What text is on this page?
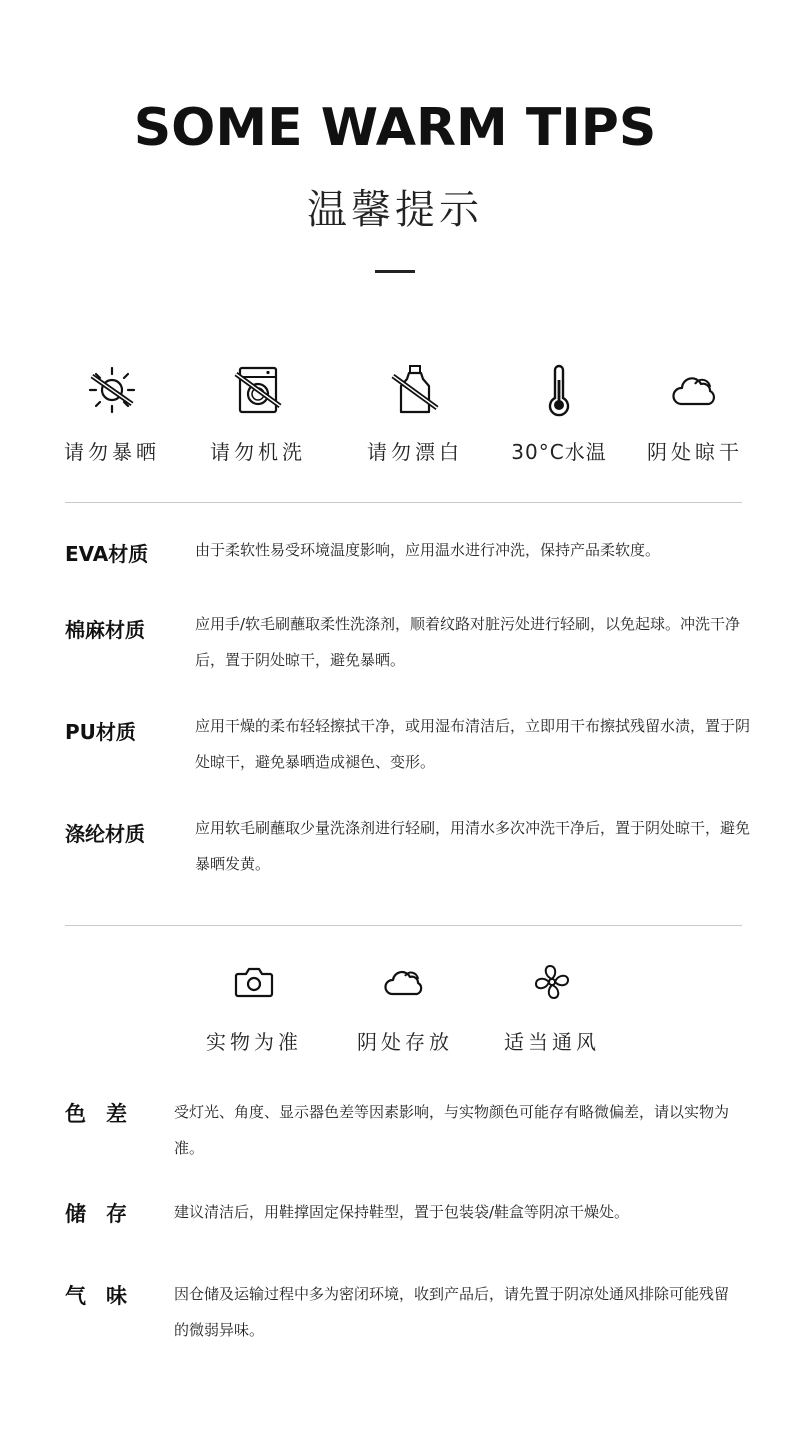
SOME WARM TIPS
温馨提示
请勿暴晒	请勿机洗	请勿漂白	30°C水温	阴处晾干
EVA材质	由于柔软性易受环境温度影响，应用温水进行冲洗，保持产品柔软度。
棉麻材质	应用手/软毛刷蘸取柔性洗涤剂，顺着纹路对脏污处进行轻刷，以免起球。冲洗干净后，置于阴处晾干，避免暴晒。
PU材质	应用干燥的柔布轻轻擦拭干净，或用湿布清洁后，立即用干布擦拭残留水渍，置于阴处晾干，避免暴晒造成褪色、变形。
涤纶材质	应用软毛刷蘸取少量洗涤剂进行轻刷，用清水多次冲洗干净后，置于阴处晾干，避免暴晒发黄。
实物为准	阴处存放	适当通风
色差 受灯光、角度、显示器色差等因素影响，与实物颜色可能存有略微偏差，请以实物为准。
储存 建议清洁后，用鞋撑固定保持鞋型，置于包装袋/鞋盒等阴凉干燥处。
气味 因仓储及运输过程中多为密闭环境，收到产品后，请先置于阴凉处通风排除可能残留的微弱异味。
